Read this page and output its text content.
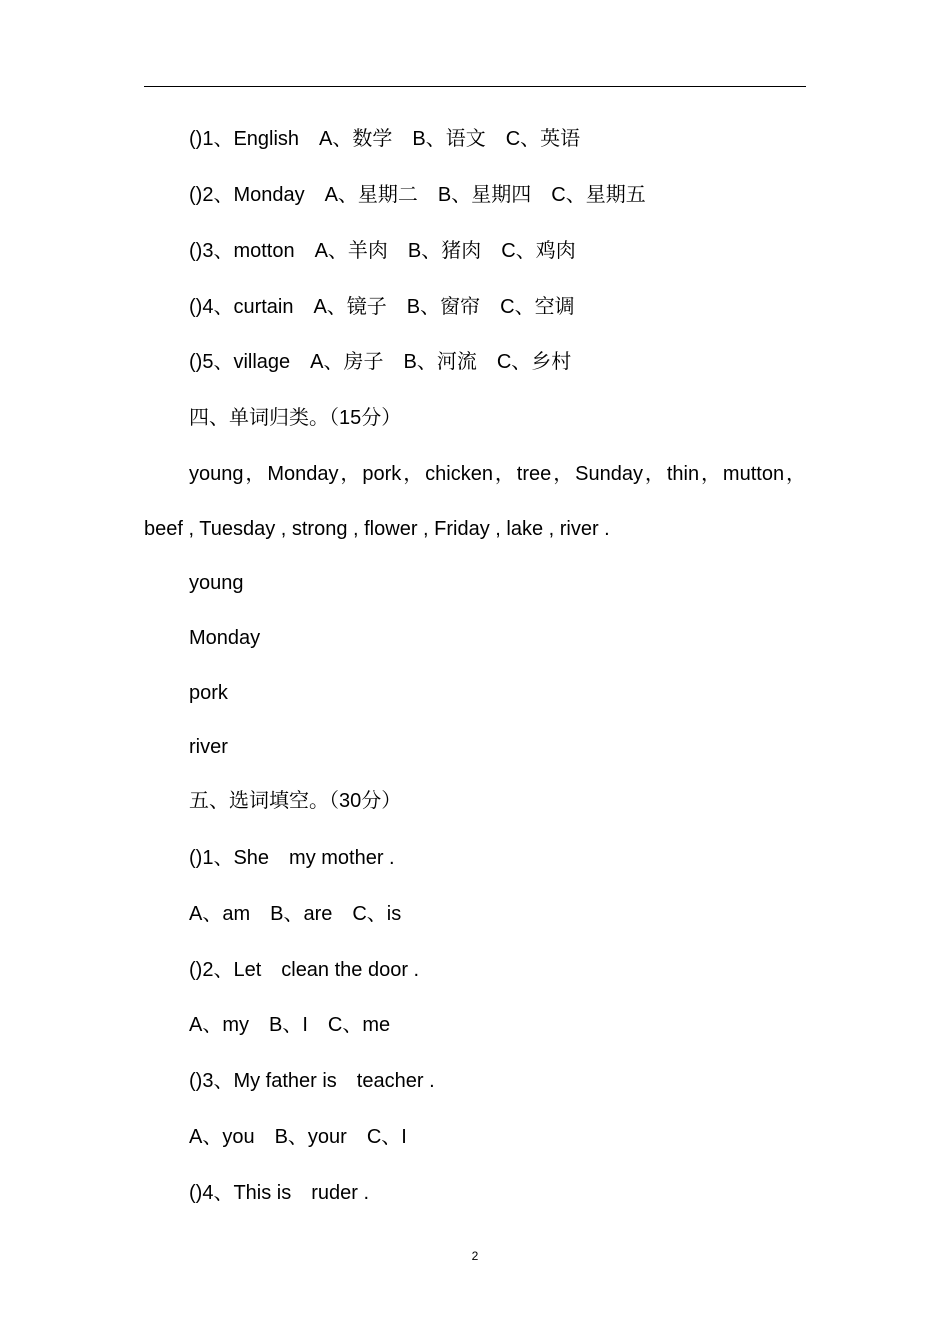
()1、English　A、数学　B、语文　C、英语
()2、Monday　A、星期二　B、星期四　C、星期五
()3、motton　A、羊肉　B、猪肉　C、鸡肉
()4、curtain　A、镜子　B、窗帘　C、空调
()5、village　A、房子　B、河流　C、乡村
四、单词归类。（15分）
young，Monday，pork，chicken，tree，Sunday，thin，mutton，
beef , Tuesday , strong , flower , Friday , lake , river .
young
Monday
pork
river
五、选词填空。（30分）
()1、She　my mother .
A、am　B、are　C、is
()2、Let　clean the door .
A、my　B、I　C、me
()3、My father is　teacher .
A、you　B、your　C、I
()4、This is　ruder .
2
